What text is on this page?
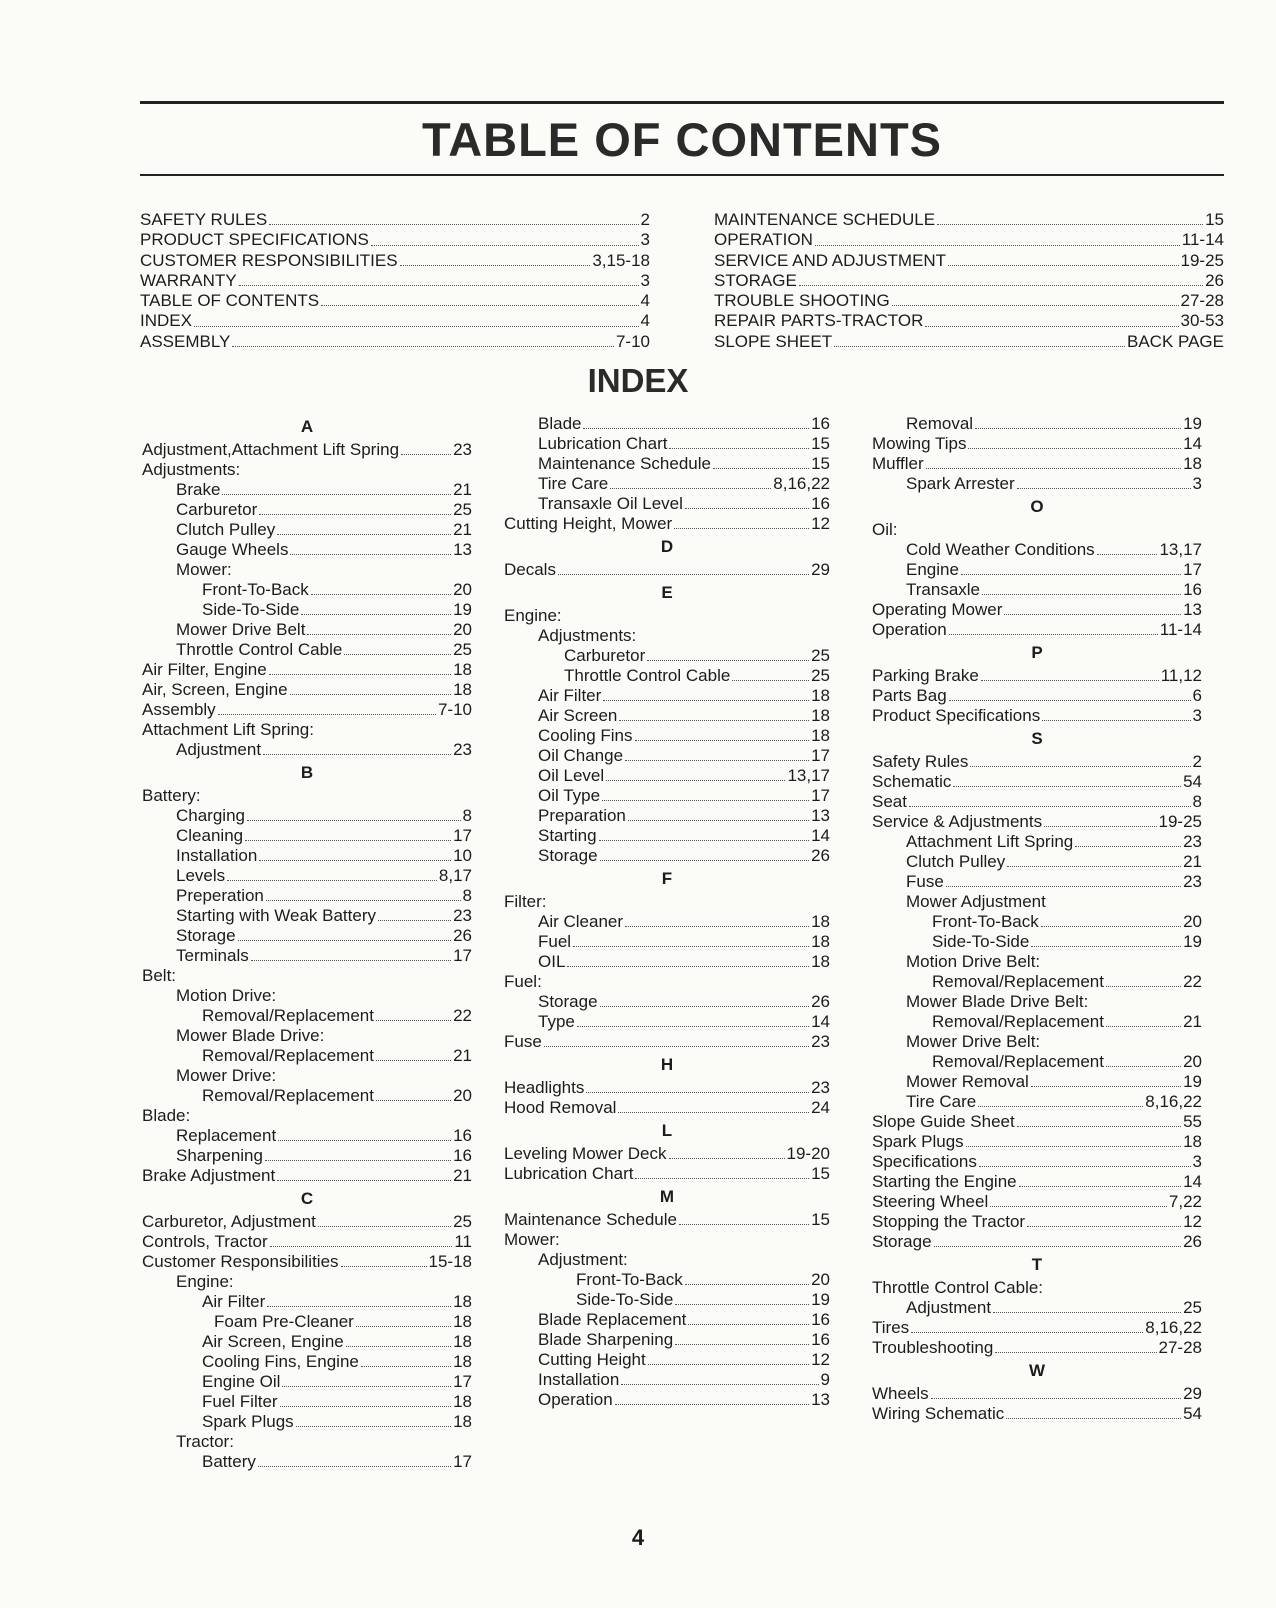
TABLE OF CONTENTS
SAFETY RULES	2
PRODUCT SPECIFICATIONS	3
CUSTOMER RESPONSIBILITIES	3,15-18
WARRANTY	3
TABLE OF CONTENTS	4
INDEX	4
ASSEMBLY	7-10
MAINTENANCE SCHEDULE	15
OPERATION	11-14
SERVICE AND ADJUSTMENT	19-25
STORAGE	26
TROUBLE SHOOTING	27-28
REPAIR PARTS-TRACTOR	30-53
SLOPE SHEET	BACK PAGE
INDEX
A
Adjustment,Attachment Lift Spring	23
Adjustments:
Brake	21
Carburetor	25
Clutch Pulley	21
Gauge Wheels	13
Mower:
Front-To-Back	20
Side-To-Side	19
Mower Drive Belt	20
Throttle Control Cable	25
Air Filter, Engine	18
Air, Screen, Engine	18
Assembly	7-10
Attachment Lift Spring:
Adjustment	23
B
Battery:
Charging	8
Cleaning	17
Installation	10
Levels	8,17
Preperation	8
Starting with Weak Battery	23
Storage	26
Terminals	17
Belt:
Motion Drive:
Removal/Replacement	22
Mower Blade Drive:
Removal/Replacement	21
Mower Drive:
Removal/Replacement	20
Blade:
Replacement	16
Sharpening	16
Brake Adjustment	21
C
Carburetor, Adjustment	25
Controls, Tractor	11
Customer Responsibilities	15-18
Engine:
Air Filter	18
Foam Pre-Cleaner	18
Air Screen, Engine	18
Cooling Fins, Engine	18
Engine Oil	17
Fuel Filter	18
Spark Plugs	18
Tractor:
Battery	17
Blade	16
Lubrication Chart	15
Maintenance Schedule	15
Tire Care	8,16,22
Transaxle Oil Level	16
Cutting Height, Mower	12
D
Decals	29
E
Engine:
Adjustments:
Carburetor	25
Throttle Control Cable	25
Air Filter	18
Air Screen	18
Cooling Fins	18
Oil Change	17
Oil Level	13,17
Oil Type	17
Preparation	13
Starting	14
Storage	26
F
Filter:
Air Cleaner	18
Fuel	18
OIL	18
Fuel:
Storage	26
Type	14
Fuse	23
H
Headlights	23
Hood Removal	24
L
Leveling Mower Deck	19-20
Lubrication Chart	15
M
Maintenance Schedule	15
Mower:
Adjustment:
Front-To-Back	20
Side-To-Side	19
Blade Replacement	16
Blade Sharpening	16
Cutting Height	12
Installation	9
Operation	13
Removal	19
Mowing Tips	14
Muffler	18
Spark Arrester	3
O
Oil:
Cold Weather Conditions	13,17
Engine	17
Transaxle	16
Operating Mower	13
Operation	11-14
P
Parking Brake	11,12
Parts Bag	6
Product Specifications	3
S
Safety Rules	2
Schematic	54
Seat	8
Service & Adjustments	19-25
Attachment Lift Spring	23
Clutch Pulley	21
Fuse	23
Mower Adjustment
Front-To-Back	20
Side-To-Side	19
Motion Drive Belt:
Removal/Replacement	22
Mower Blade Drive Belt:
Removal/Replacement	21
Mower Drive Belt:
Removal/Replacement	20
Mower Removal	19
Tire Care	8,16,22
Slope Guide Sheet	55
Spark Plugs	18
Specifications	3
Starting the Engine	14
Steering Wheel	7,22
Stopping the Tractor	12
Storage	26
T
Throttle Control Cable:
Adjustment	25
Tires	8,16,22
Troubleshooting	27-28
W
Wheels	29
Wiring Schematic	54
4
